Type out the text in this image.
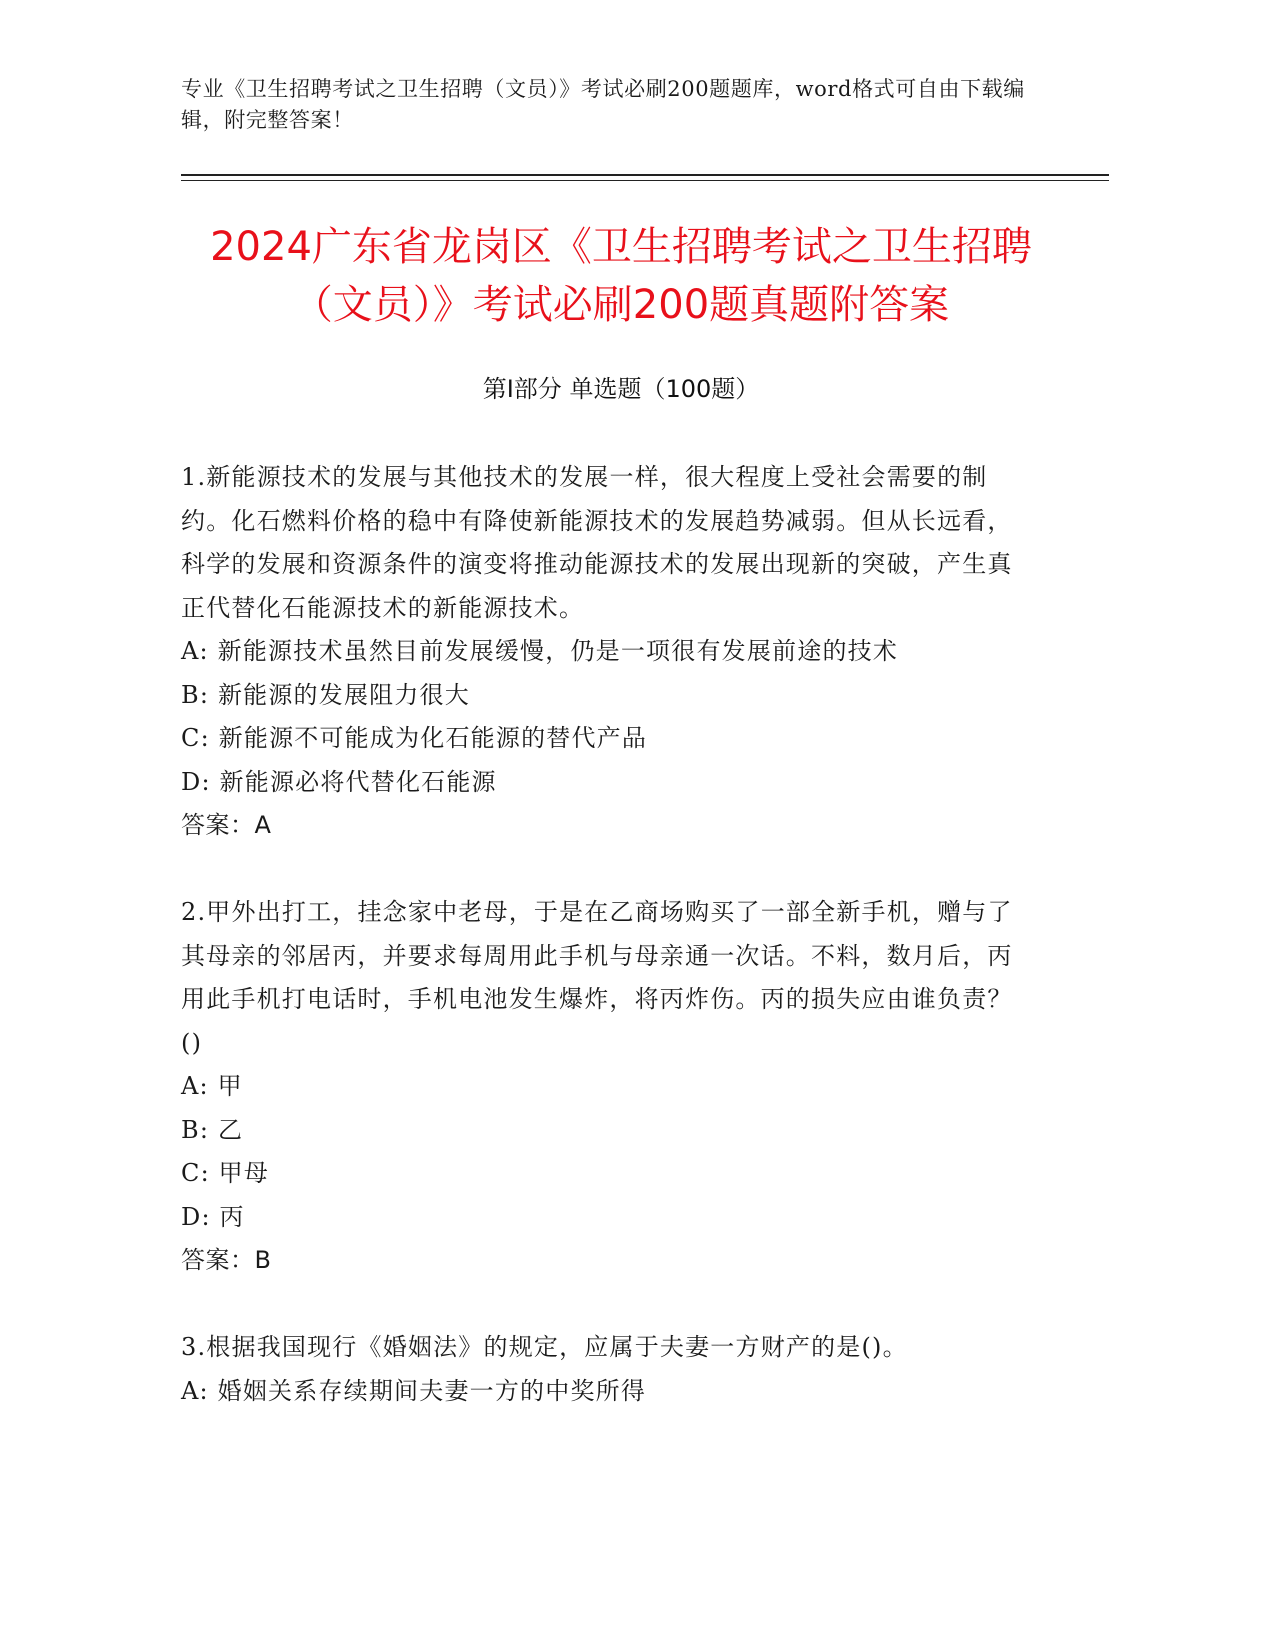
专业《卫生招聘考试之卫生招聘（文员）》考试必刷200题题库，word格式可自由下载编辑，附完整答案！
2024广东省龙岗区《卫生招聘考试之卫生招聘（文员）》考试必刷200题真题附答案
第Ⅰ部分 单选题（100题）

1.新能源技术的发展与其他技术的发展一样，很大程度上受社会需要的制约。化石燃料价格的稳中有降使新能源技术的发展趋势减弱。但从长远看，科学的发展和资源条件的演变将推动能源技术的发展出现新的突破，产生真正代替化石能源技术的新能源技术。

A: 新能源技术虽然目前发展缓慢，仍是一项很有发展前途的技术

B: 新能源的发展阻力很大

C: 新能源不可能成为化石能源的替代产品

D: 新能源必将代替化石能源

答案：A

2.甲外出打工，挂念家中老母，于是在乙商场购买了一部全新手机，赠与了其母亲的邻居丙，并要求每周用此手机与母亲通一次话。不料，数月后，丙用此手机打电话时，手机电池发生爆炸，将丙炸伤。丙的损失应由谁负责？()

A: 甲

B: 乙

C: 甲母

D: 丙

答案：B

3.根据我国现行《婚姻法》的规定，应属于夫妻一方财产的是()。

A: 婚姻关系存续期间夫妻一方的中奖所得
